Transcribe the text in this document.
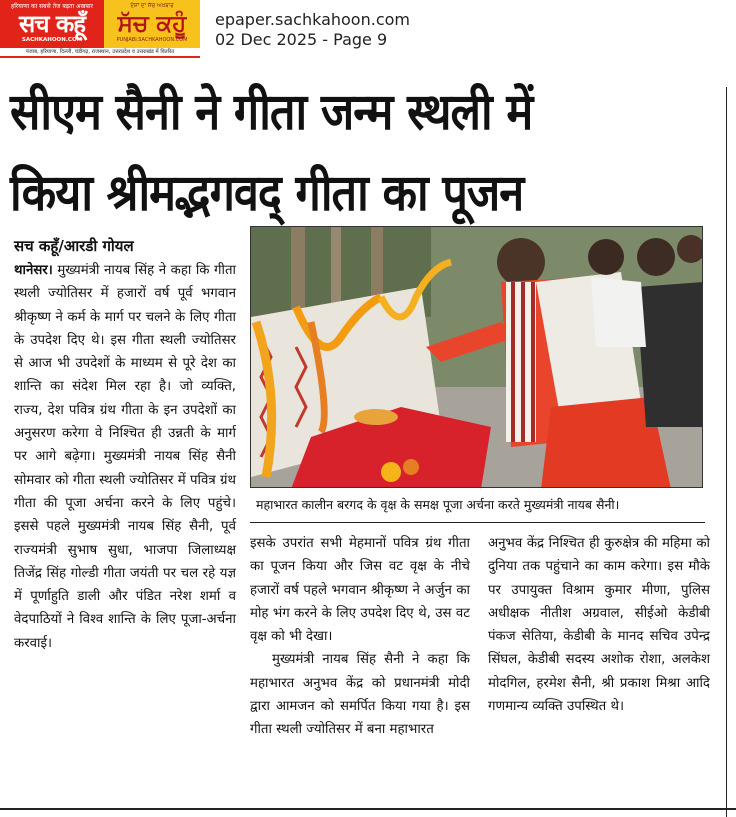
हरियाणा का सबसे तेज बढ़ता अखबार
सच कहूँ
SACHKAHOON.COM
ਦੇਸ਼ਾਂ ਦਾ ਸੱਚ ਅਖ਼ਬਾਰ
ਸੱਚ ਕਹੂੰ
PUNJABI.SACHKAHOON.COM
पंजाब, हरियाणा, दिल्ली, चंडीगढ़, राजस्थान, उत्तरप्रदेश व उत्तराखंड में वितरित
epaper.sachkahoon.com
02 Dec 2025 - Page 9
सीएम सैनी ने गीता जन्म स्थली में
किया श्रीमद्भगवद् गीता का पूजन
सच कहूँ/आरडी गोयल

थानेसर। मुख्यमंत्री नायब सिंह ने कहा कि गीता स्थली ज्योतिसर में हजारों वर्ष पूर्व भगवान श्रीकृष्ण ने कर्म के मार्ग पर चलने के लिए गीता के उपदेश दिए थे। इस गीता स्थली ज्योतिसर से आज भी उपदेशों के माध्यम से पूरे देश का शान्ति का संदेश मिल रहा है। जो व्यक्ति, राज्य, देश पवित्र ग्रंथ गीता के इन उपदेशों का अनुसरण करेगा वे निश्चित ही उन्नती के मार्ग पर आगे बढ़ेगा। मुख्यमंत्री नायब सिंह सैनी सोमवार को गीता स्थली ज्योतिसर में पवित्र ग्रंथ गीता की पूजा अर्चना करने के लिए पहुंचे। इससे पहले मुख्यमंत्री नायब सिंह सैनी, पूर्व राज्यमंत्री सुभाष सुधा, भाजपा जिलाध्यक्ष तिजेंद्र सिंह गोल्डी गीता जयंती पर चल रहे यज्ञ में पूर्णाहुति डाली और पंडित नरेश शर्मा व वेदपाठियों ने विश्व शान्ति के लिए पूजा-अर्चना करवाई।

महाभारत कालीन बरगद के वृक्ष के समक्ष पूजा अर्चना करते मुख्यमंत्री नायब सैनी।

इसके उपरांत सभी मेहमानों पवित्र ग्रंथ गीता का पूजन किया और जिस वट वृक्ष के नीचे हजारों वर्ष पहले भगवान श्रीकृष्ण ने अर्जुन का मोह भंग करने के लिए उपदेश दिए थे, उस वट वृक्ष को भी देखा।

मुख्यमंत्री नायब सिंह सैनी ने कहा कि महाभारत अनुभव केंद्र को प्रधानमंत्री मोदी द्वारा आमजन को समर्पित किया गया है। इस गीता स्थली ज्योतिसर में बना महाभारत

अनुभव केंद्र निश्चित ही कुरुक्षेत्र की महिमा को दुनिया तक पहुंचाने का काम करेगा। इस मौके पर उपायुक्त विश्राम कुमार मीणा, पुलिस अधीक्षक नीतीश अग्रवाल, सीईओ केडीबी पंकज सेतिया, केडीबी के मानद सचिव उपेन्द्र सिंघल, केडीबी सदस्य अशोक रोशा, अलकेश मोदगिल, हरमेश सैनी, श्री प्रकाश मिश्रा आदि गणमान्य व्यक्ति उपस्थित थे।
